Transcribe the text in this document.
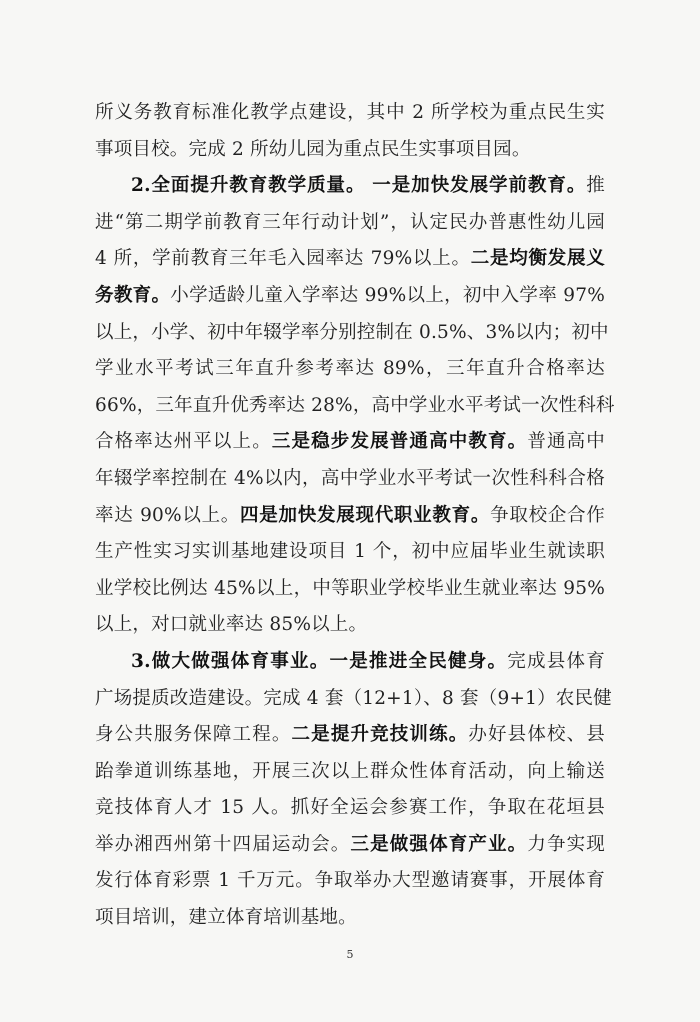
所义务教育标准化教学点建设，其中 2 所学校为重点民生实
事项目校。完成 2 所幼儿园为重点民生实事项目园。
2.全面提升教育教学质量。 一是加快发展学前教育。推
进“第二期学前教育三年行动计划”，认定民办普惠性幼儿园
4 所，学前教育三年毛入园率达 79%以上。二是均衡发展义
务教育。小学适龄儿童入学率达 99%以上，初中入学率 97%
以上，小学、初中年辍学率分别控制在 0.5%、3%以内；初中
学业水平考试三年直升参考率达 89%，三年直升合格率达
66%，三年直升优秀率达 28%，高中学业水平考试一次性科科
合格率达州平以上。三是稳步发展普通高中教育。普通高中
年辍学率控制在 4%以内，高中学业水平考试一次性科科合格
率达 90%以上。四是加快发展现代职业教育。争取校企合作
生产性实习实训基地建设项目 1 个，初中应届毕业生就读职
业学校比例达 45%以上，中等职业学校毕业生就业率达 95%
以上，对口就业率达 85%以上。
3.做大做强体育事业。一是推进全民健身。完成县体育
广场提质改造建设。完成 4 套（12+1）、8 套（9+1）农民健
身公共服务保障工程。二是提升竞技训练。办好县体校、县
跆拳道训练基地，开展三次以上群众性体育活动，向上输送
竞技体育人才 15 人。抓好全运会参赛工作，争取在花垣县
举办湘西州第十四届运动会。三是做强体育产业。力争实现
发行体育彩票 1 千万元。争取举办大型邀请赛事，开展体育
项目培训，建立体育培训基地。
5
